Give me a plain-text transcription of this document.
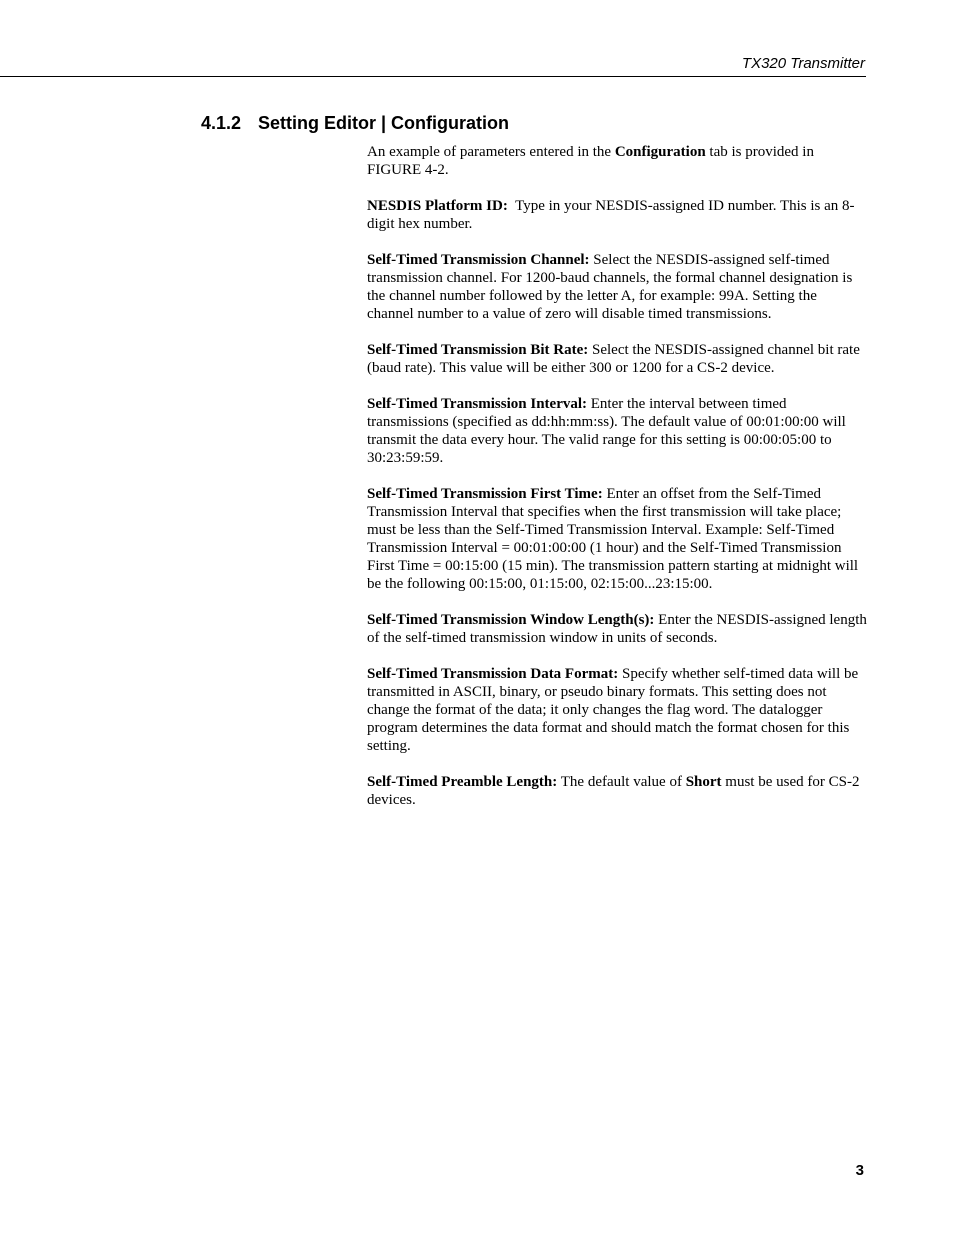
TX320 Transmitter
4.1.2 Setting Editor | Configuration

An example of parameters entered in the Configuration tab is provided in FIGURE 4-2.

NESDIS Platform ID:  Type in your NESDIS-assigned ID number. This is an 8-digit hex number.

Self-Timed Transmission Channel: Select the NESDIS-assigned self-timed transmission channel. For 1200-baud channels, the formal channel designation is the channel number followed by the letter A, for example: 99A. Setting the channel number to a value of zero will disable timed transmissions.

Self-Timed Transmission Bit Rate: Select the NESDIS-assigned channel bit rate (baud rate). This value will be either 300 or 1200 for a CS-2 device.

Self-Timed Transmission Interval: Enter the interval between timed transmissions (specified as dd:hh:mm:ss). The default value of 00:01:00:00 will transmit the data every hour. The valid range for this setting is 00:00:05:00 to 30:23:59:59.

Self-Timed Transmission First Time: Enter an offset from the Self-Timed Transmission Interval that specifies when the first transmission will take place; must be less than the Self-Timed Transmission Interval. Example: Self-Timed Transmission Interval = 00:01:00:00 (1 hour) and the Self-Timed Transmission First Time = 00:15:00 (15 min). The transmission pattern starting at midnight will be the following 00:15:00, 01:15:00, 02:15:00...23:15:00.

Self-Timed Transmission Window Length(s): Enter the NESDIS-assigned length of the self-timed transmission window in units of seconds.

Self-Timed Transmission Data Format: Specify whether self-timed data will be transmitted in ASCII, binary, or pseudo binary formats. This setting does not change the format of the data; it only changes the flag word. The datalogger program determines the data format and should match the format chosen for this setting.

Self-Timed Preamble Length: The default value of Short must be used for CS-2 devices.

3
